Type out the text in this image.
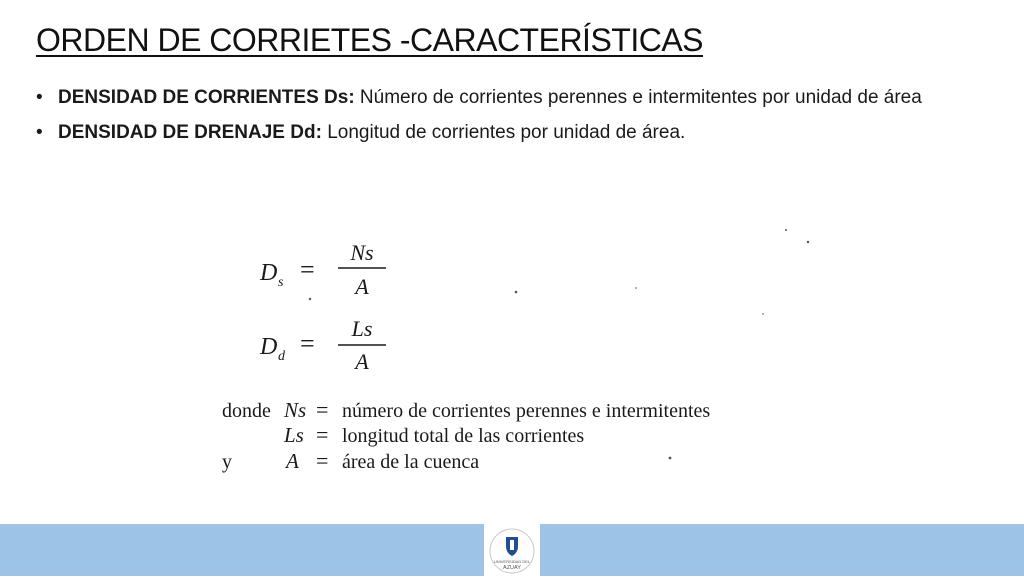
ORDEN DE CORRIETES -CARACTERÍSTICAS
• DENSIDAD DE CORRIENTES Ds: Número de corrientes perennes e intermitentes por unidad de área
• DENSIDAD DE DRENAJE Dd: Longitud de corrientes por unidad de área.
D s =
Ns
A
D d =
Ls
A
donde
y
Ns = número de corrientes perennes e intermitentes
Ls = longitud total de las corrientes
A = área de la cuenca
UNIVERSIDAD DEL
AZUAY
